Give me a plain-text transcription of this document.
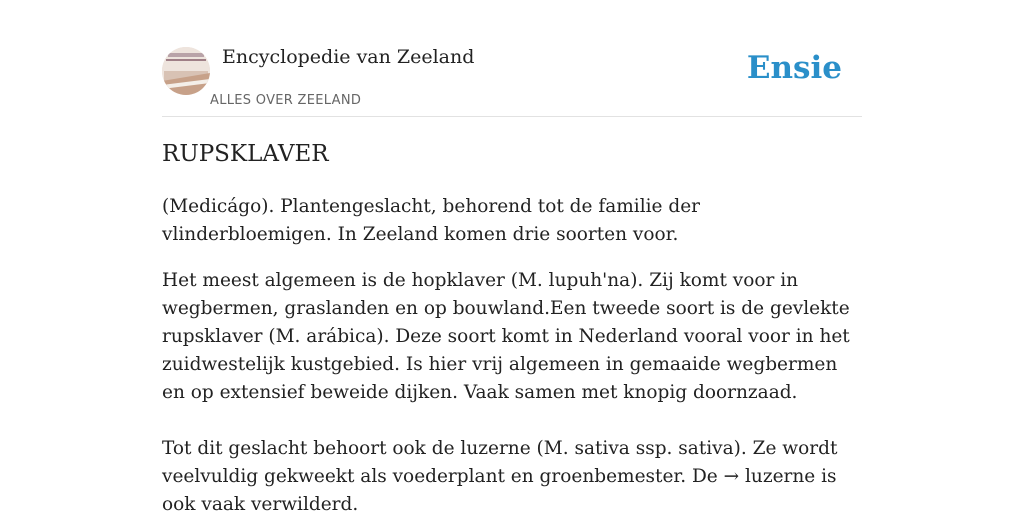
Encyclopedie van Zeeland
ALLES OVER ZEELAND
Ensie
RUPSKLAVER

(Medicágo). Plantengeslacht, behorend tot de familie der vlinderbloemigen. In Zeeland komen drie soorten voor.

Het meest algemeen is de hopklaver (M. lupuh'na). Zij komt voor in wegbermen, graslanden en op bouwland.Een tweede soort is de gevlekte rupsklaver (M. arábica). Deze soort komt in Nederland vooral voor in het zuidwestelijk kustgebied. Is hier vrij algemeen in gemaaide wegbermen en op extensief beweide dijken. Vaak samen met knopig doornzaad.

Tot dit geslacht behoort ook de luzerne (M. sativa ssp. sativa). Ze wordt veelvuldig gekweekt als voederplant en groenbemester. De → luzerne is ook vaak verwilderd.
